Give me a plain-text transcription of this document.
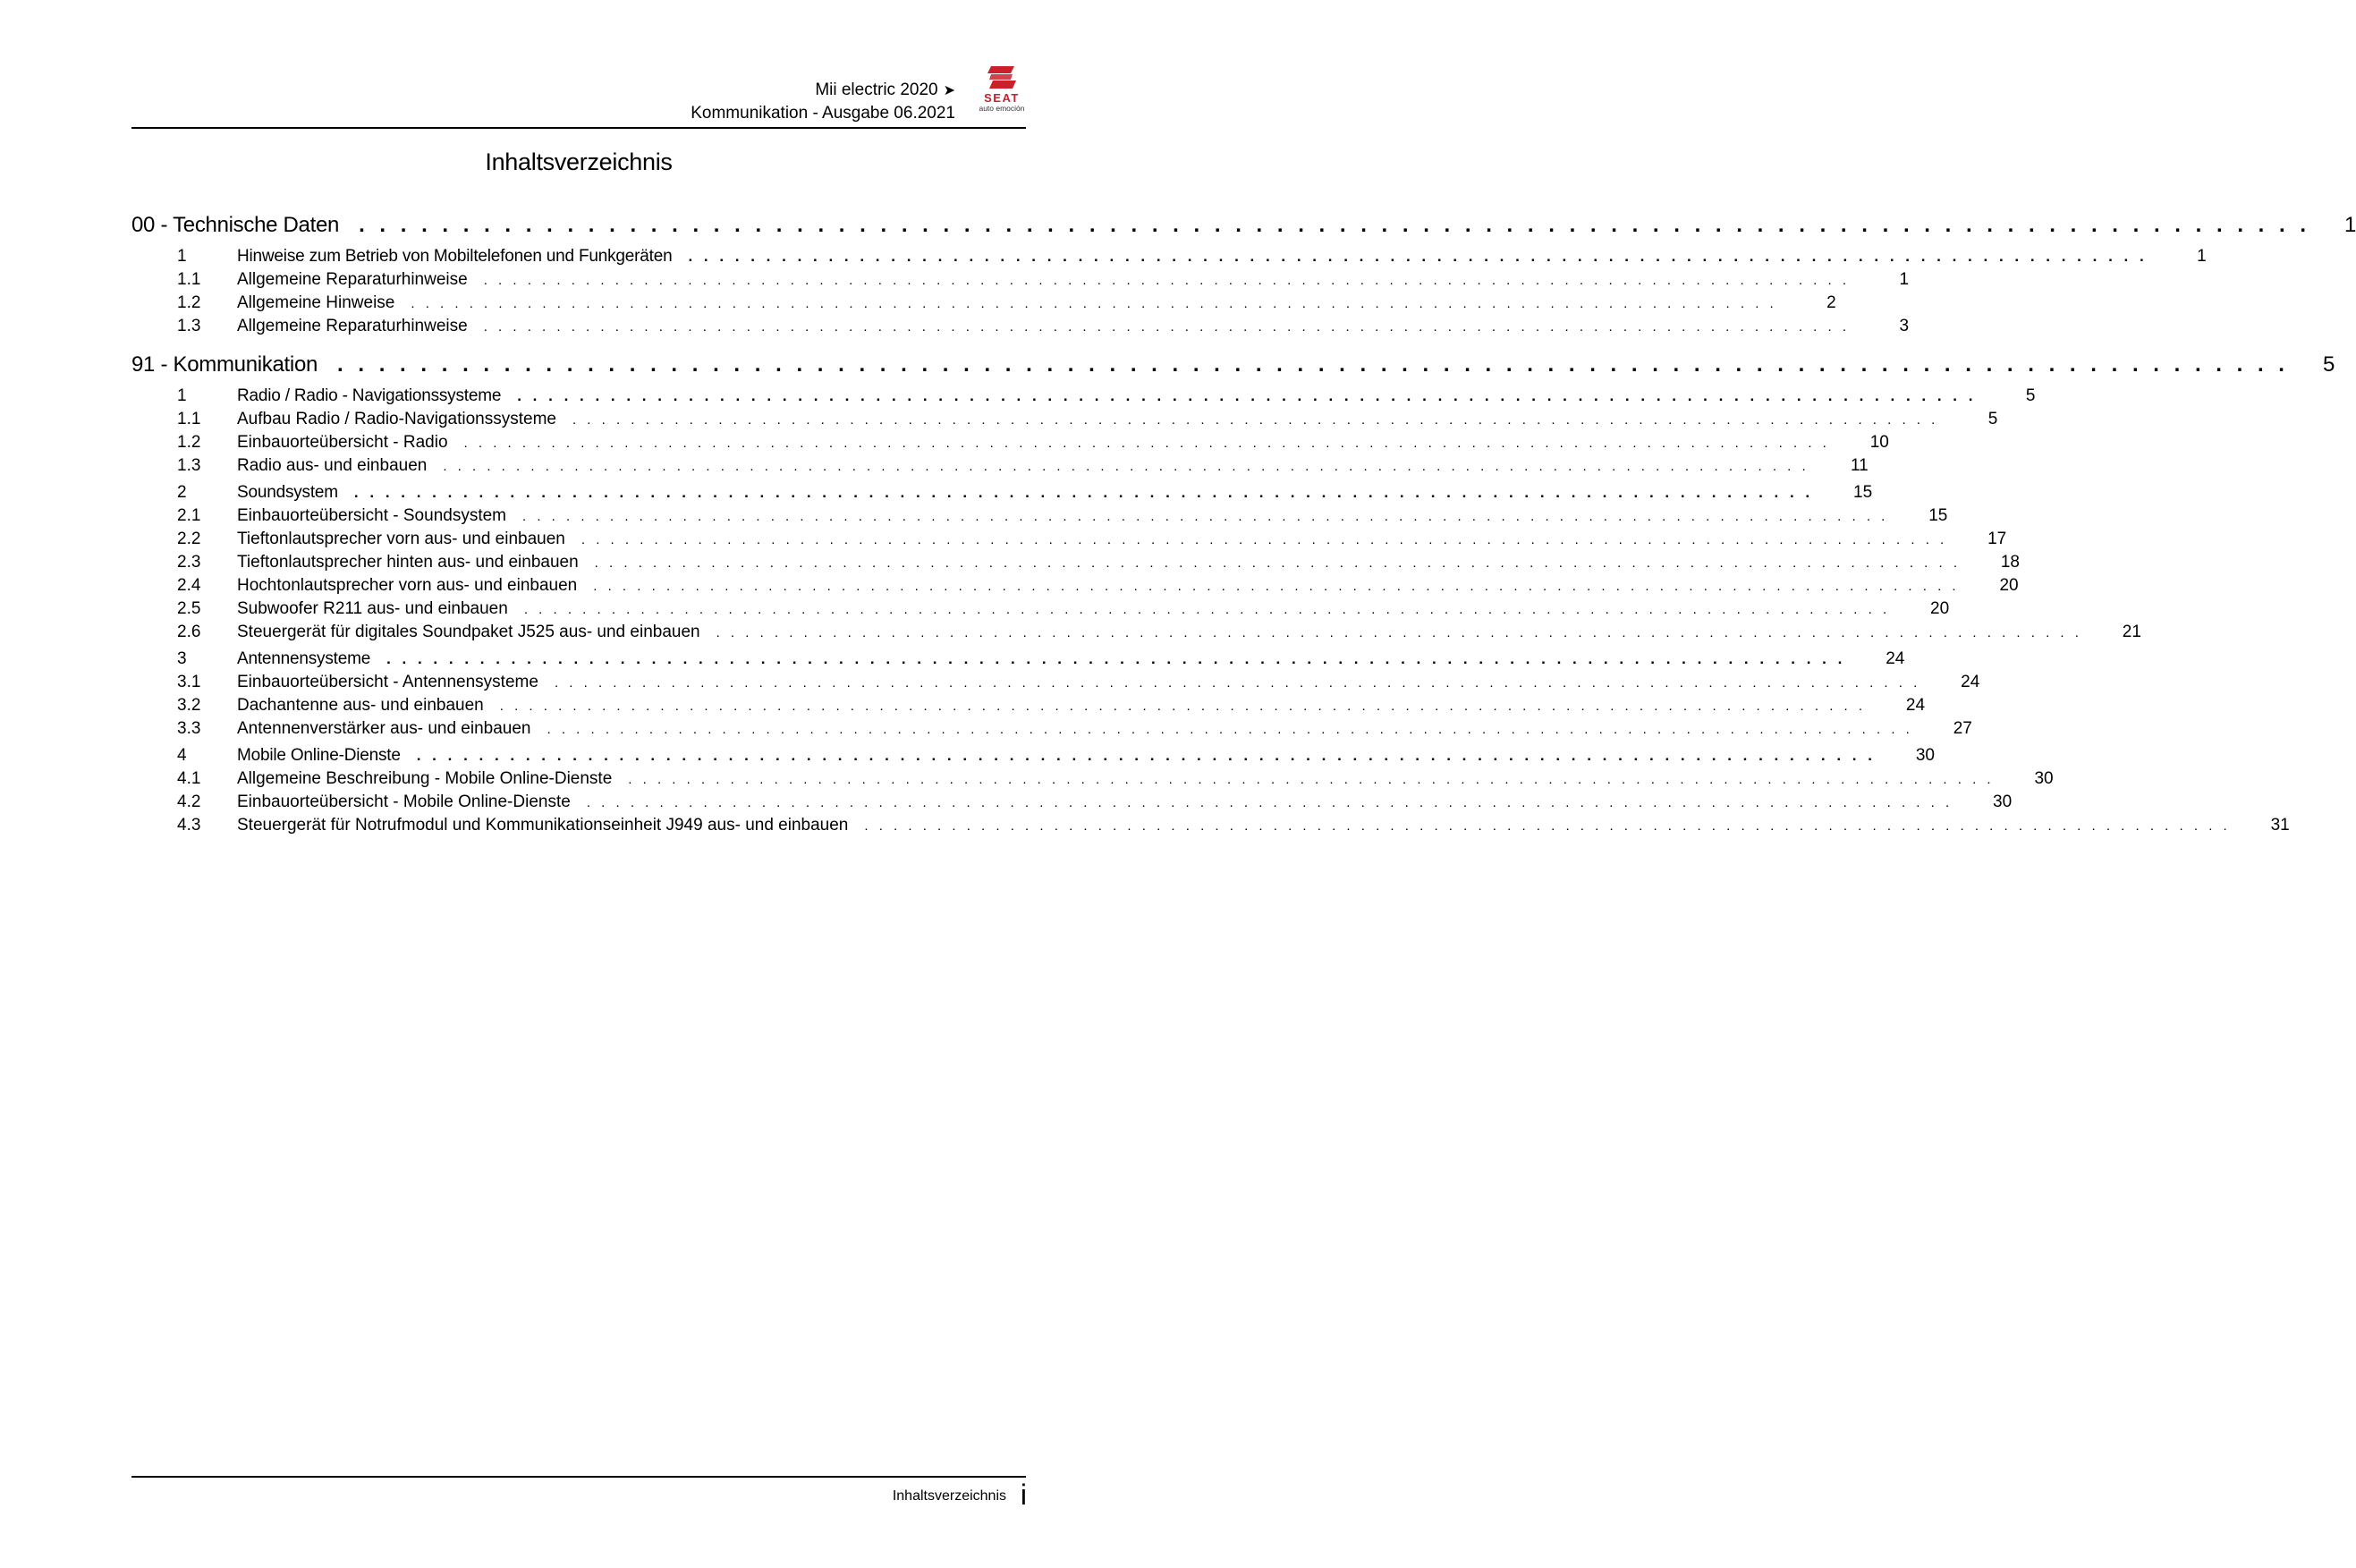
Mii electric 2020 ➤
Kommunikation - Ausgabe 06.2021
SEAT
auto emoción
Inhaltsverzeichnis
00 - Technische Daten . . . . . . . . . . . . . . . . . . . . . . . . . . . . . . . . . . . . . . . . . . . . . . . . . . . . . . . . . . . . . . . . . . . . . . . . . . . . . . . . . . . . . . . . . . . . . . 1
1	Hinweise zum Betrieb von Mobiltelefonen und Funkgeräten . . . . . . . . . . . . . . . . . . . . . . . . . . . . . . . . . . . . . . . . . . . . . . . . . . . . . . . . . . . . . . . . . . . . . . . . . . . . . . . . . . . . . . . . . . . . . .	1
1.1	Allgemeine Reparaturhinweise . . . . . . . . . . . . . . . . . . . . . . . . . . . . . . . . . . . . . . . . . . . . . . . . . . . . . . . . . . . . . . . . . . . . . . . . . . . . . . . . . . . . . . . . . . . . . .	1
1.2	Allgemeine Hinweise . . . . . . . . . . . . . . . . . . . . . . . . . . . . . . . . . . . . . . . . . . . . . . . . . . . . . . . . . . . . . . . . . . . . . . . . . . . . . . . . . . . . . . . . . . . . . .	2
1.3	Allgemeine Reparaturhinweise . . . . . . . . . . . . . . . . . . . . . . . . . . . . . . . . . . . . . . . . . . . . . . . . . . . . . . . . . . . . . . . . . . . . . . . . . . . . . . . . . . . . . . . . . . . . . .	3
91 - Kommunikation . . . . . . . . . . . . . . . . . . . . . . . . . . . . . . . . . . . . . . . . . . . . . . . . . . . . . . . . . . . . . . . . . . . . . . . . . . . . . . . . . . . . . . . . . . . . . . 5
1	Radio / Radio - Navigationssysteme . . . . . . . . . . . . . . . . . . . . . . . . . . . . . . . . . . . . . . . . . . . . . . . . . . . . . . . . . . . . . . . . . . . . . . . . . . . . . . . . . . . . . . . . . . . . . .	5
1.1	Aufbau Radio / Radio-Navigationssysteme . . . . . . . . . . . . . . . . . . . . . . . . . . . . . . . . . . . . . . . . . . . . . . . . . . . . . . . . . . . . . . . . . . . . . . . . . . . . . . . . . . . . . . . . . . . . . .	5
1.2	Einbauorteübersicht - Radio . . . . . . . . . . . . . . . . . . . . . . . . . . . . . . . . . . . . . . . . . . . . . . . . . . . . . . . . . . . . . . . . . . . . . . . . . . . . . . . . . . . . . . . . . . . . . .	10
1.3	Radio aus- und einbauen . . . . . . . . . . . . . . . . . . . . . . . . . . . . . . . . . . . . . . . . . . . . . . . . . . . . . . . . . . . . . . . . . . . . . . . . . . . . . . . . . . . . . . . . . . . . . .	11
2	Soundsystem . . . . . . . . . . . . . . . . . . . . . . . . . . . . . . . . . . . . . . . . . . . . . . . . . . . . . . . . . . . . . . . . . . . . . . . . . . . . . . . . . . . . . . . . . . . . . .	15
2.1	Einbauorteübersicht - Soundsystem . . . . . . . . . . . . . . . . . . . . . . . . . . . . . . . . . . . . . . . . . . . . . . . . . . . . . . . . . . . . . . . . . . . . . . . . . . . . . . . . . . . . . . . . . . . . . .	15
2.2	Tieftonlautsprecher vorn aus- und einbauen . . . . . . . . . . . . . . . . . . . . . . . . . . . . . . . . . . . . . . . . . . . . . . . . . . . . . . . . . . . . . . . . . . . . . . . . . . . . . . . . . . . . . . . . . . . . . .	17
2.3	Tieftonlautsprecher hinten aus- und einbauen . . . . . . . . . . . . . . . . . . . . . . . . . . . . . . . . . . . . . . . . . . . . . . . . . . . . . . . . . . . . . . . . . . . . . . . . . . . . . . . . . . . . . . . . . . . . . .	18
2.4	Hochtonlautsprecher vorn aus- und einbauen . . . . . . . . . . . . . . . . . . . . . . . . . . . . . . . . . . . . . . . . . . . . . . . . . . . . . . . . . . . . . . . . . . . . . . . . . . . . . . . . . . . . . . . . . . . . . .	20
2.5	Subwoofer R211 aus- und einbauen . . . . . . . . . . . . . . . . . . . . . . . . . . . . . . . . . . . . . . . . . . . . . . . . . . . . . . . . . . . . . . . . . . . . . . . . . . . . . . . . . . . . . . . . . . . . . .	20
2.6	Steuergerät für digitales Soundpaket J525 aus- und einbauen . . . . . . . . . . . . . . . . . . . . . . . . . . . . . . . . . . . . . . . . . . . . . . . . . . . . . . . . . . . . . . . . . . . . . . . . . . . . . . . . . . . . . . . . . . . . . .	21
3	Antennensysteme . . . . . . . . . . . . . . . . . . . . . . . . . . . . . . . . . . . . . . . . . . . . . . . . . . . . . . . . . . . . . . . . . . . . . . . . . . . . . . . . . . . . . . . . . . . . . .	24
3.1	Einbauorteübersicht - Antennensysteme . . . . . . . . . . . . . . . . . . . . . . . . . . . . . . . . . . . . . . . . . . . . . . . . . . . . . . . . . . . . . . . . . . . . . . . . . . . . . . . . . . . . . . . . . . . . . .	24
3.2	Dachantenne aus- und einbauen . . . . . . . . . . . . . . . . . . . . . . . . . . . . . . . . . . . . . . . . . . . . . . . . . . . . . . . . . . . . . . . . . . . . . . . . . . . . . . . . . . . . . . . . . . . . . .	24
3.3	Antennenverstärker aus- und einbauen . . . . . . . . . . . . . . . . . . . . . . . . . . . . . . . . . . . . . . . . . . . . . . . . . . . . . . . . . . . . . . . . . . . . . . . . . . . . . . . . . . . . . . . . . . . . . .	27
4	Mobile Online-Dienste . . . . . . . . . . . . . . . . . . . . . . . . . . . . . . . . . . . . . . . . . . . . . . . . . . . . . . . . . . . . . . . . . . . . . . . . . . . . . . . . . . . . . . . . . . . . . .	30
4.1	Allgemeine Beschreibung - Mobile Online-Dienste . . . . . . . . . . . . . . . . . . . . . . . . . . . . . . . . . . . . . . . . . . . . . . . . . . . . . . . . . . . . . . . . . . . . . . . . . . . . . . . . . . . . . . . . . . . . . .	30
4.2	Einbauorteübersicht - Mobile Online-Dienste . . . . . . . . . . . . . . . . . . . . . . . . . . . . . . . . . . . . . . . . . . . . . . . . . . . . . . . . . . . . . . . . . . . . . . . . . . . . . . . . . . . . . . . . . . . . . .	30
4.3	Steuergerät für Notrufmodul und Kommunikationseinheit J949 aus- und einbauen . . . . . . . . . . . . . . . . . . . . . . . . . . . . . . . . . . . . . . . . . . . . . . . . . . . . . . . . . . . . . . . . . . . . . . . . . . . . . . . . . . . . . . . . . . . . . .	31
Inhaltsverzeichnis i
